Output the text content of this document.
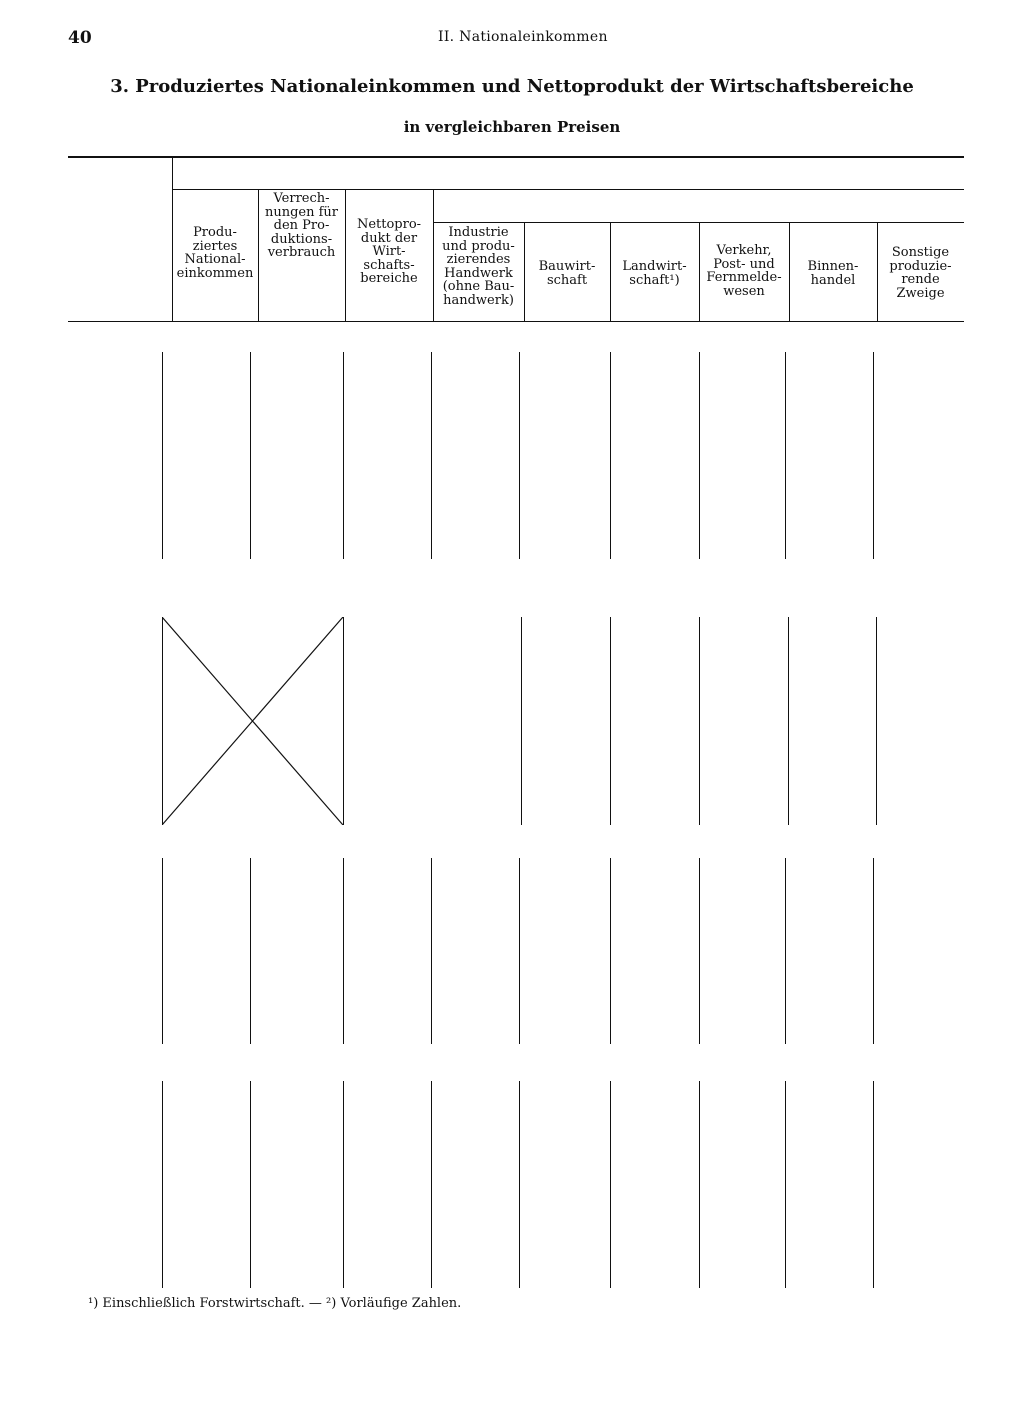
40	II. Nationaleinkommen
3. Produziertes Nationaleinkommen und Nettoprodukt der Wirtschaftsbereiche
in vergleichbaren Preisen
Produ-
ziertes
National-
einkommen
Verrech-
nungen für
den Pro-
duktions-
verbrauch
Nettopro-
dukt der
Wirt-
schafts-
bereiche
Industrie
und produ-
zierendes
Handwerk
(ohne Bau-
handwerk)
Bauwirt-
schaft
Landwirt-
schaft¹)
Verkehr,
Post- und
Fernmelde-
wesen
Binnen-
handel
Sonstige
produzie-
rende
Zweige
¹) Einschließlich Forstwirtschaft. — ²) Vorläufige Zahlen.
